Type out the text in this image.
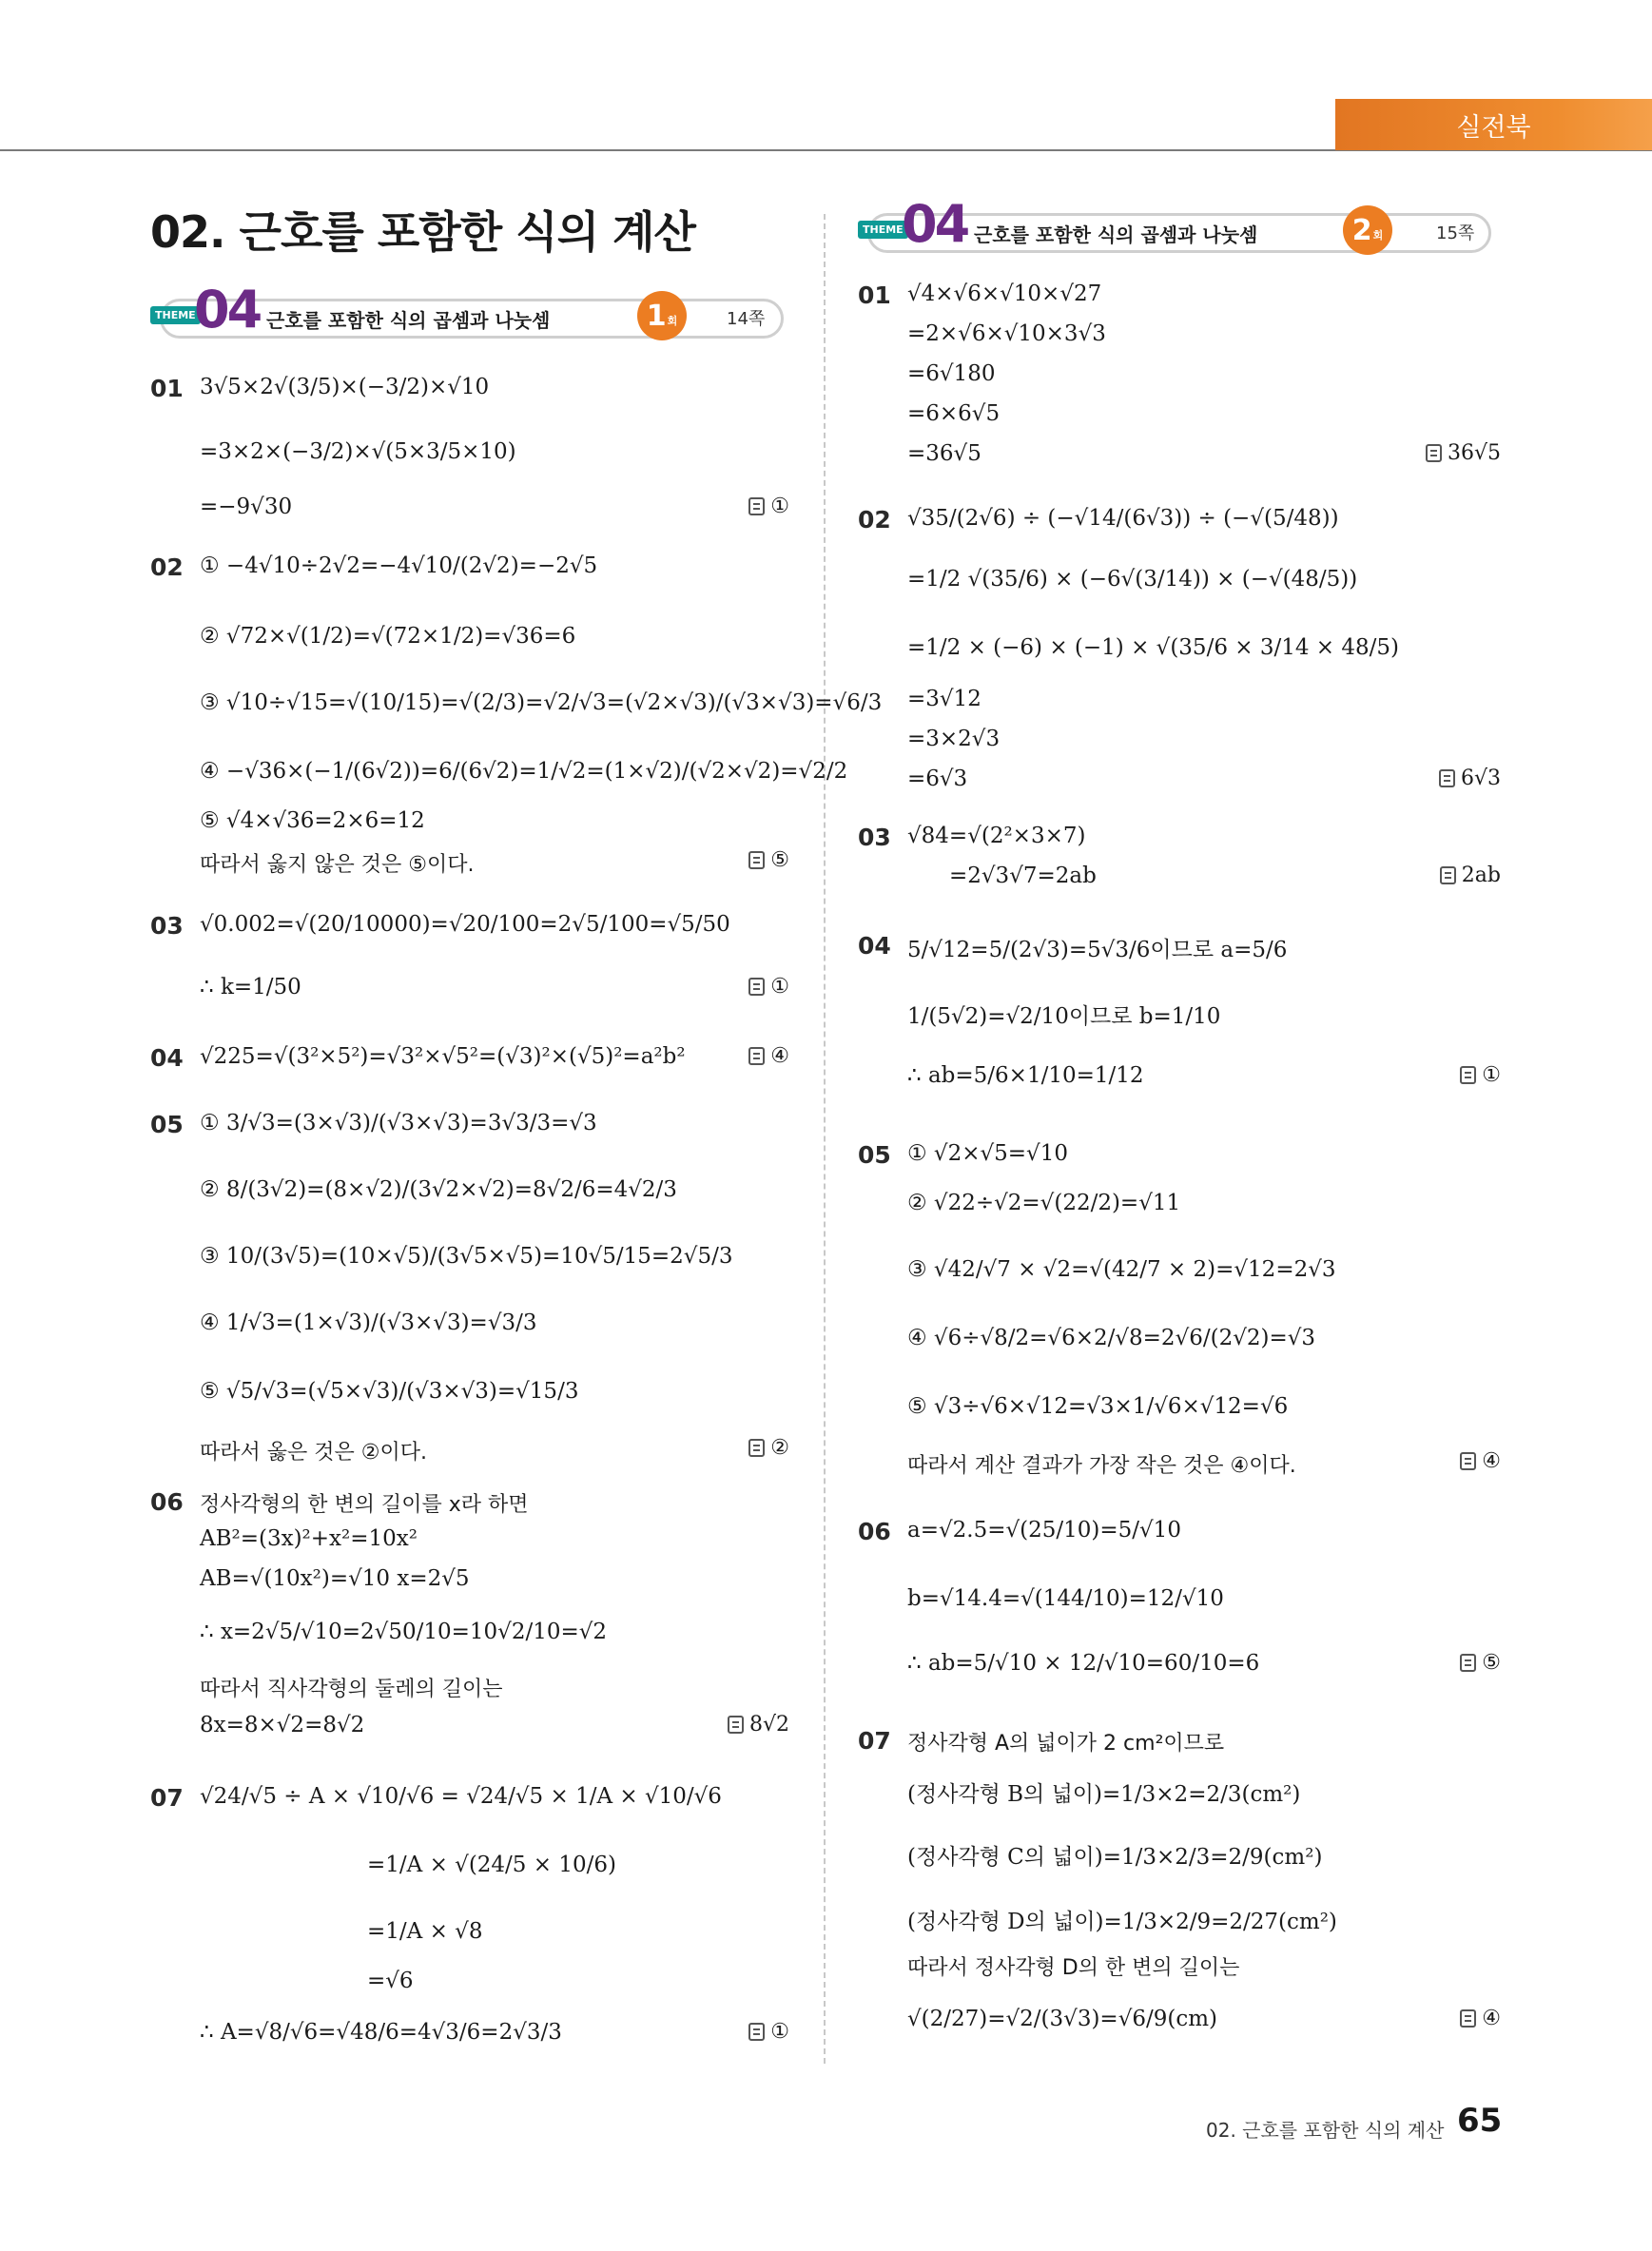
실전북
02. 근호를 포함한 식의 계산
THEME
04 근호를 포함한 식의 곱셈과 나눗셈	1 회	14쪽
THEME
04 근호를 포함한 식의 곱셈과 나눗셈	2 회	15쪽
01 3√5×2√(3/5)×(−3/2)×√10
=3×2×(−3/2)×√(5×3/5×10)
=−9√30	①
02 ① −4√10÷2√2=−4√10/(2√2)=−2√5
② √72×√(1/2)=√(72×1/2)=√36=6
③ √10÷√15=√(10/15)=√(2/3)=√2/√3=(√2×√3)/(√3×√3)=√6/3
④ −√36×(−1/(6√2))=6/(6√2)=1/√2=(1×√2)/(√2×√2)=√2/2
⑤ √4×√36=2×6=12
따라서 옳지 않은 것은 ⑤이다.	⑤
03 √0.002=√(20/10000)=√20/100=2√5/100=√5/50
∴ k=1/50	①
04 √225=√(3²×5²)=√3²×√5²=(√3)²×(√5)²=a²b²	④
05 ① 3/√3=(3×√3)/(√3×√3)=3√3/3=√3
② 8/(3√2)=(8×√2)/(3√2×√2)=8√2/6=4√2/3
③ 10/(3√5)=(10×√5)/(3√5×√5)=10√5/15=2√5/3
④ 1/√3=(1×√3)/(√3×√3)=√3/3
⑤ √5/√3=(√5×√3)/(√3×√3)=√15/3
따라서 옳은 것은 ②이다.	②
06 정사각형의 한 변의 길이를 x라 하면
AB²=(3x)²+x²=10x²
AB=√(10x²)=√10 x=2√5
∴ x=2√5/√10=2√50/10=10√2/10=√2
따라서 직사각형의 둘레의 길이는
8x=8×√2=8√2	8√2
07 √24/√5 ÷ A × √10/√6 = √24/√5 × 1/A × √10/√6
=1/A × √(24/5 × 10/6)
=1/A × √8
=√6
∴ A=√8/√6=√48/6=4√3/6=2√3/3	①
01 √4×√6×√10×√27
=2×√6×√10×3√3
=6√180
=6×6√5
=36√5	36√5
02 √35/(2√6) ÷ (−√14/(6√3)) ÷ (−√(5/48))
=1/2 √(35/6) × (−6√(3/14)) × (−√(48/5))
=1/2 × (−6) × (−1) × √(35/6 × 3/14 × 48/5)
=3√12
=3×2√3
=6√3	6√3
03 √84=√(2²×3×7)
=2√3√7=2ab	2ab
04 5/√12=5/(2√3)=5√3/6이므로 a=5/6
1/(5√2)=√2/10이므로 b=1/10
∴ ab=5/6×1/10=1/12	①
05 ① √2×√5=√10
② √22÷√2=√(22/2)=√11
③ √42/√7 × √2=√(42/7 × 2)=√12=2√3
④ √6÷√8/2=√6×2/√8=2√6/(2√2)=√3
⑤ √3÷√6×√12=√3×1/√6×√12=√6
따라서 계산 결과가 가장 작은 것은 ④이다.	④
06 a=√2.5=√(25/10)=5/√10
b=√14.4=√(144/10)=12/√10
∴ ab=5/√10 × 12/√10=60/10=6	⑤
07 정사각형 A의 넓이가 2 cm²이므로
(정사각형 B의 넓이)=1/3×2=2/3(cm²)
(정사각형 C의 넓이)=1/3×2/3=2/9(cm²)
(정사각형 D의 넓이)=1/3×2/9=2/27(cm²)
따라서 정사각형 D의 한 변의 길이는
√(2/27)=√2/(3√3)=√6/9(cm)	④
02. 근호를 포함한 식의 계산 65
